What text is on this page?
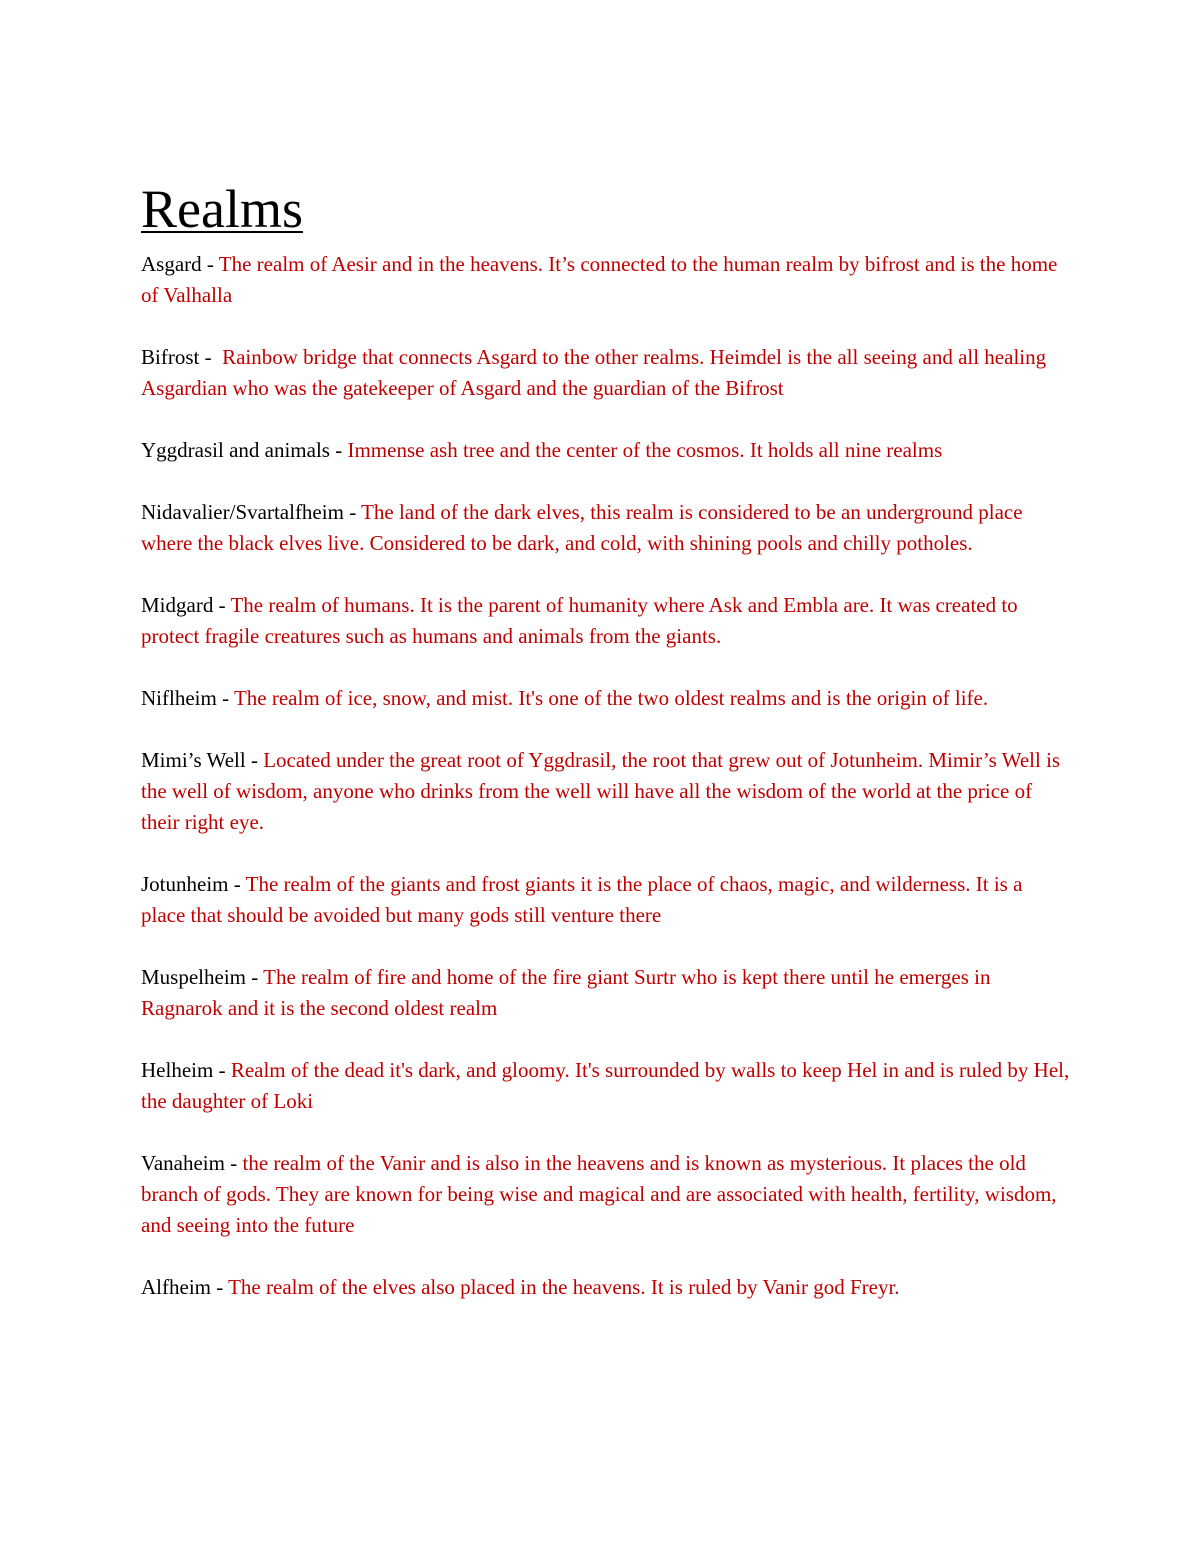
Realms

Asgard - The realm of Aesir and in the heavens. It’s connected to the human realm by bifrost and is the home of Valhalla

Bifrost -  Rainbow bridge that connects Asgard to the other realms. Heimdel is the all seeing and all healing Asgardian who was the gatekeeper of Asgard and the guardian of the Bifrost

Yggdrasil and animals - Immense ash tree and the center of the cosmos. It holds all nine realms

Nidavalier/Svartalfheim - The land of the dark elves, this realm is considered to be an underground place where the black elves live. Considered to be dark, and cold, with shining pools and chilly potholes.

Midgard - The realm of humans. It is the parent of humanity where Ask and Embla are. It was created to protect fragile creatures such as humans and animals from the giants.

Niflheim - The realm of ice, snow, and mist. It's one of the two oldest realms and is the origin of life.

Mimi’s Well - Located under the great root of Yggdrasil, the root that grew out of Jotunheim. Mimir’s Well is the well of wisdom, anyone who drinks from the well will have all the wisdom of the world at the price of their right eye.

Jotunheim - The realm of the giants and frost giants it is the place of chaos, magic, and wilderness. It is a place that should be avoided but many gods still venture there

Muspelheim - The realm of fire and home of the fire giant Surtr who is kept there until he emerges in Ragnarok and it is the second oldest realm

Helheim - Realm of the dead it's dark, and gloomy. It's surrounded by walls to keep Hel in and is ruled by Hel, the daughter of Loki

Vanaheim - the realm of the Vanir and is also in the heavens and is known as mysterious. It places the old branch of gods. They are known for being wise and magical and are associated with health, fertility, wisdom, and seeing into the future

Alfheim - The realm of the elves also placed in the heavens. It is ruled by Vanir god Freyr.
